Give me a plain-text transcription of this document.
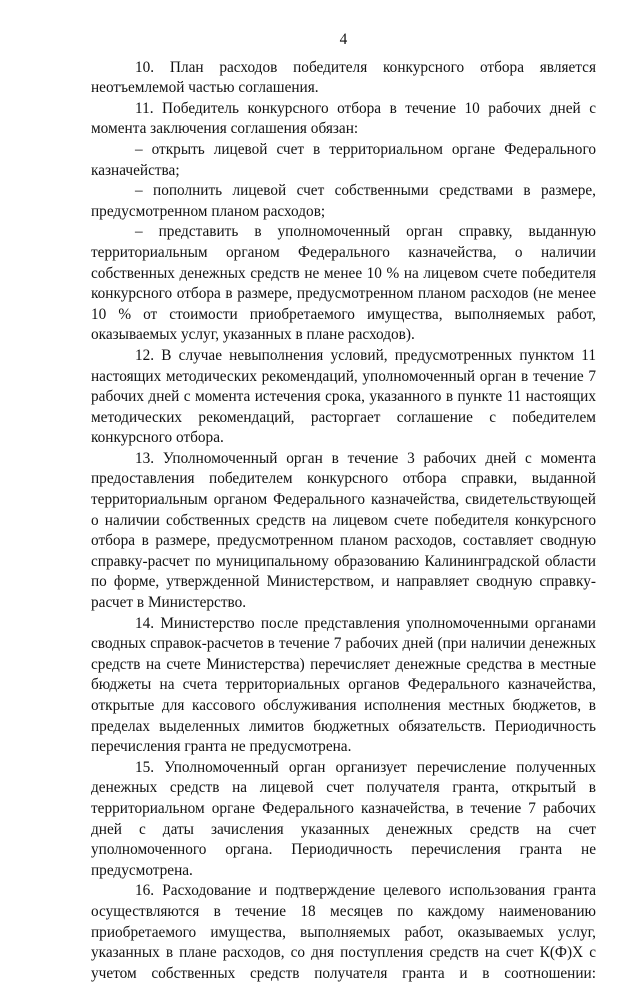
4

10. План расходов победителя конкурсного отбора является неотъемлемой частью соглашения.

11. Победитель конкурсного отбора в течение 10 рабочих дней с момента заключения соглашения обязан:

– открыть лицевой счет в территориальном органе Федерального казначейства;

– пополнить лицевой счет собственными средствами в размере, предусмотренном планом расходов;

– представить в уполномоченный орган справку, выданную территориальным органом Федерального казначейства, о наличии собственных денежных средств не менее 10 % на лицевом счете победителя конкурсного отбора в размере, предусмотренном планом расходов (не менее 10 % от стоимости приобретаемого имущества, выполняемых работ, оказываемых услуг, указанных в плане расходов).

12. В случае невыполнения условий, предусмотренных пунктом 11 настоящих методических рекомендаций, уполномоченный орган в течение 7 рабочих дней с момента истечения срока, указанного в пункте 11 настоящих методических рекомендаций, расторгает соглашение с победителем конкурсного отбора.

13. Уполномоченный орган в течение 3 рабочих дней с момента предоставления победителем конкурсного отбора справки, выданной территориальным органом Федерального казначейства, свидетельствующей о наличии собственных средств на лицевом счете победителя конкурсного отбора в размере, предусмотренном планом расходов, составляет сводную справку-расчет по муниципальному образованию Калининградской области по форме, утвержденной Министерством, и направляет сводную справку-расчет в Министерство.

14. Министерство после представления уполномоченными органами сводных справок-расчетов в течение 7 рабочих дней (при наличии денежных средств на счете Министерства) перечисляет денежные средства в местные бюджеты на счета территориальных органов Федерального казначейства, открытые для кассового обслуживания исполнения местных бюджетов, в пределах выделенных лимитов бюджетных обязательств. Периодичность перечисления гранта не предусмотрена.

15. Уполномоченный орган организует перечисление полученных денежных средств на лицевой счет получателя гранта, открытый в территориальном органе Федерального казначейства, в течение 7 рабочих дней с даты зачисления указанных денежных средств на счет уполномоченного органа. Периодичность перечисления гранта не предусмотрена.

16. Расходование и подтверждение целевого использования гранта осуществляются в течение 18 месяцев по каждому наименованию приобретаемого имущества, выполняемых работ, оказываемых услуг, указанных в плане расходов, со дня поступления средств на счет К(Ф)Х с учетом собственных средств получателя гранта и в соотношении:
